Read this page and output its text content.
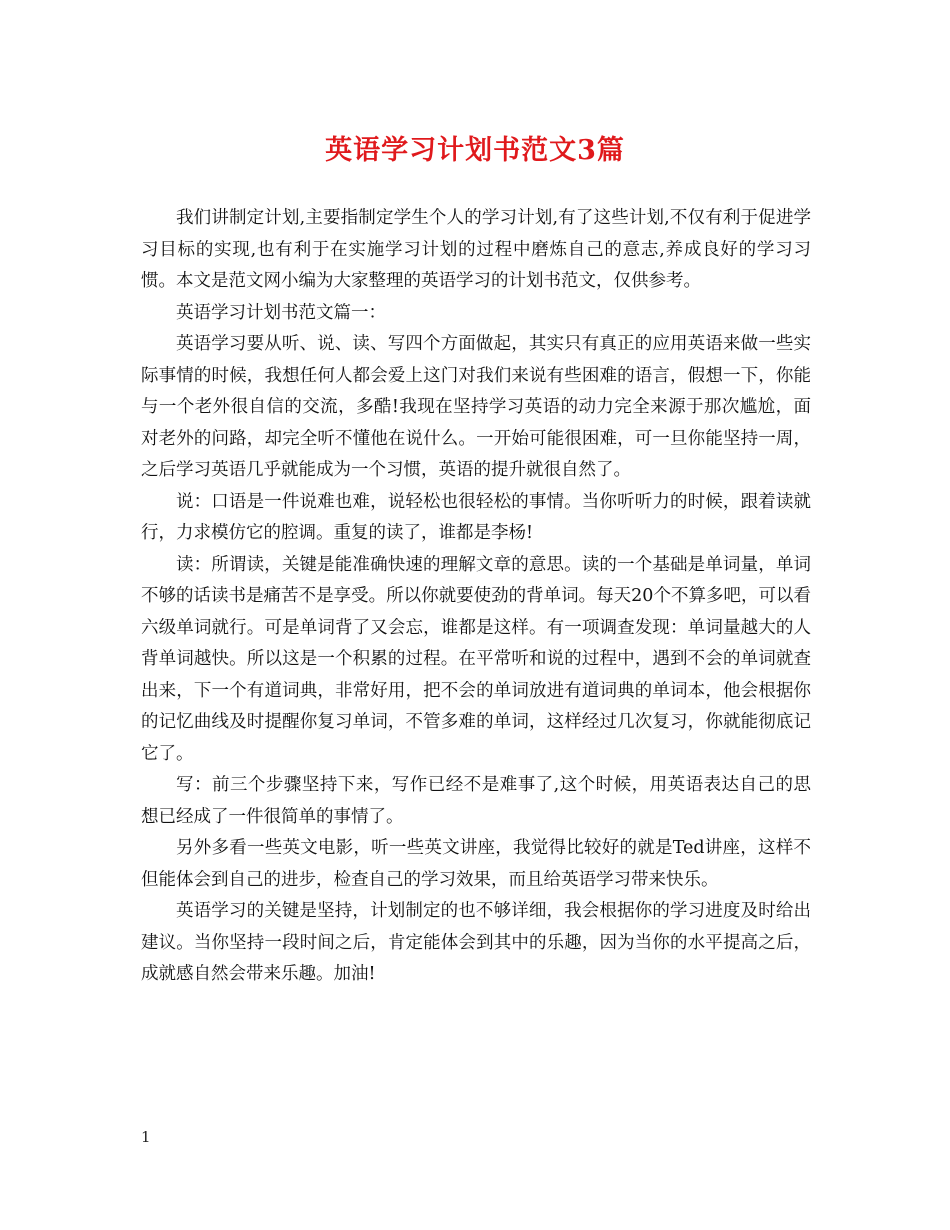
英语学习计划书范文3篇

我们讲制定计划,主要指制定学生个人的学习计划,有了这些计划,不仅有利于促进学习目标的实现,也有利于在实施学习计划的过程中磨炼自己的意志,养成良好的学习习惯。本文是范文网小编为大家整理的英语学习的计划书范文，仅供参考。

英语学习计划书范文篇一：

英语学习要从听、说、读、写四个方面做起，其实只有真正的应用英语来做一些实际事情的时候，我想任何人都会爱上这门对我们来说有些困难的语言，假想一下，你能与一个老外很自信的交流，多酷!我现在坚持学习英语的动力完全来源于那次尴尬，面对老外的问路，却完全听不懂他在说什么。一开始可能很困难，可一旦你能坚持一周，之后学习英语几乎就能成为一个习惯，英语的提升就很自然了。

说：口语是一件说难也难，说轻松也很轻松的事情。当你听听力的时候，跟着读就行，力求模仿它的腔调。重复的读了，谁都是李杨!

读：所谓读，关键是能准确快速的理解文章的意思。读的一个基础是单词量，单词不够的话读书是痛苦不是享受。所以你就要使劲的背单词。每天20个不算多吧，可以看六级单词就行。可是单词背了又会忘，谁都是这样。有一项调查发现：单词量越大的人背单词越快。所以这是一个积累的过程。在平常听和说的过程中，遇到不会的单词就查出来，下一个有道词典，非常好用，把不会的单词放进有道词典的单词本，他会根据你的记忆曲线及时提醒你复习单词，不管多难的单词，这样经过几次复习，你就能彻底记它了。

写：前三个步骤坚持下来，写作已经不是难事了,这个时候，用英语表达自己的思想已经成了一件很简单的事情了。

另外多看一些英文电影，听一些英文讲座，我觉得比较好的就是Ted讲座，这样不但能体会到自己的进步，检查自己的学习效果，而且给英语学习带来快乐。

英语学习的关键是坚持，计划制定的也不够详细，我会根据你的学习进度及时给出建议。当你坚持一段时间之后，肯定能体会到其中的乐趣，因为当你的水平提高之后，成就感自然会带来乐趣。加油!

1
